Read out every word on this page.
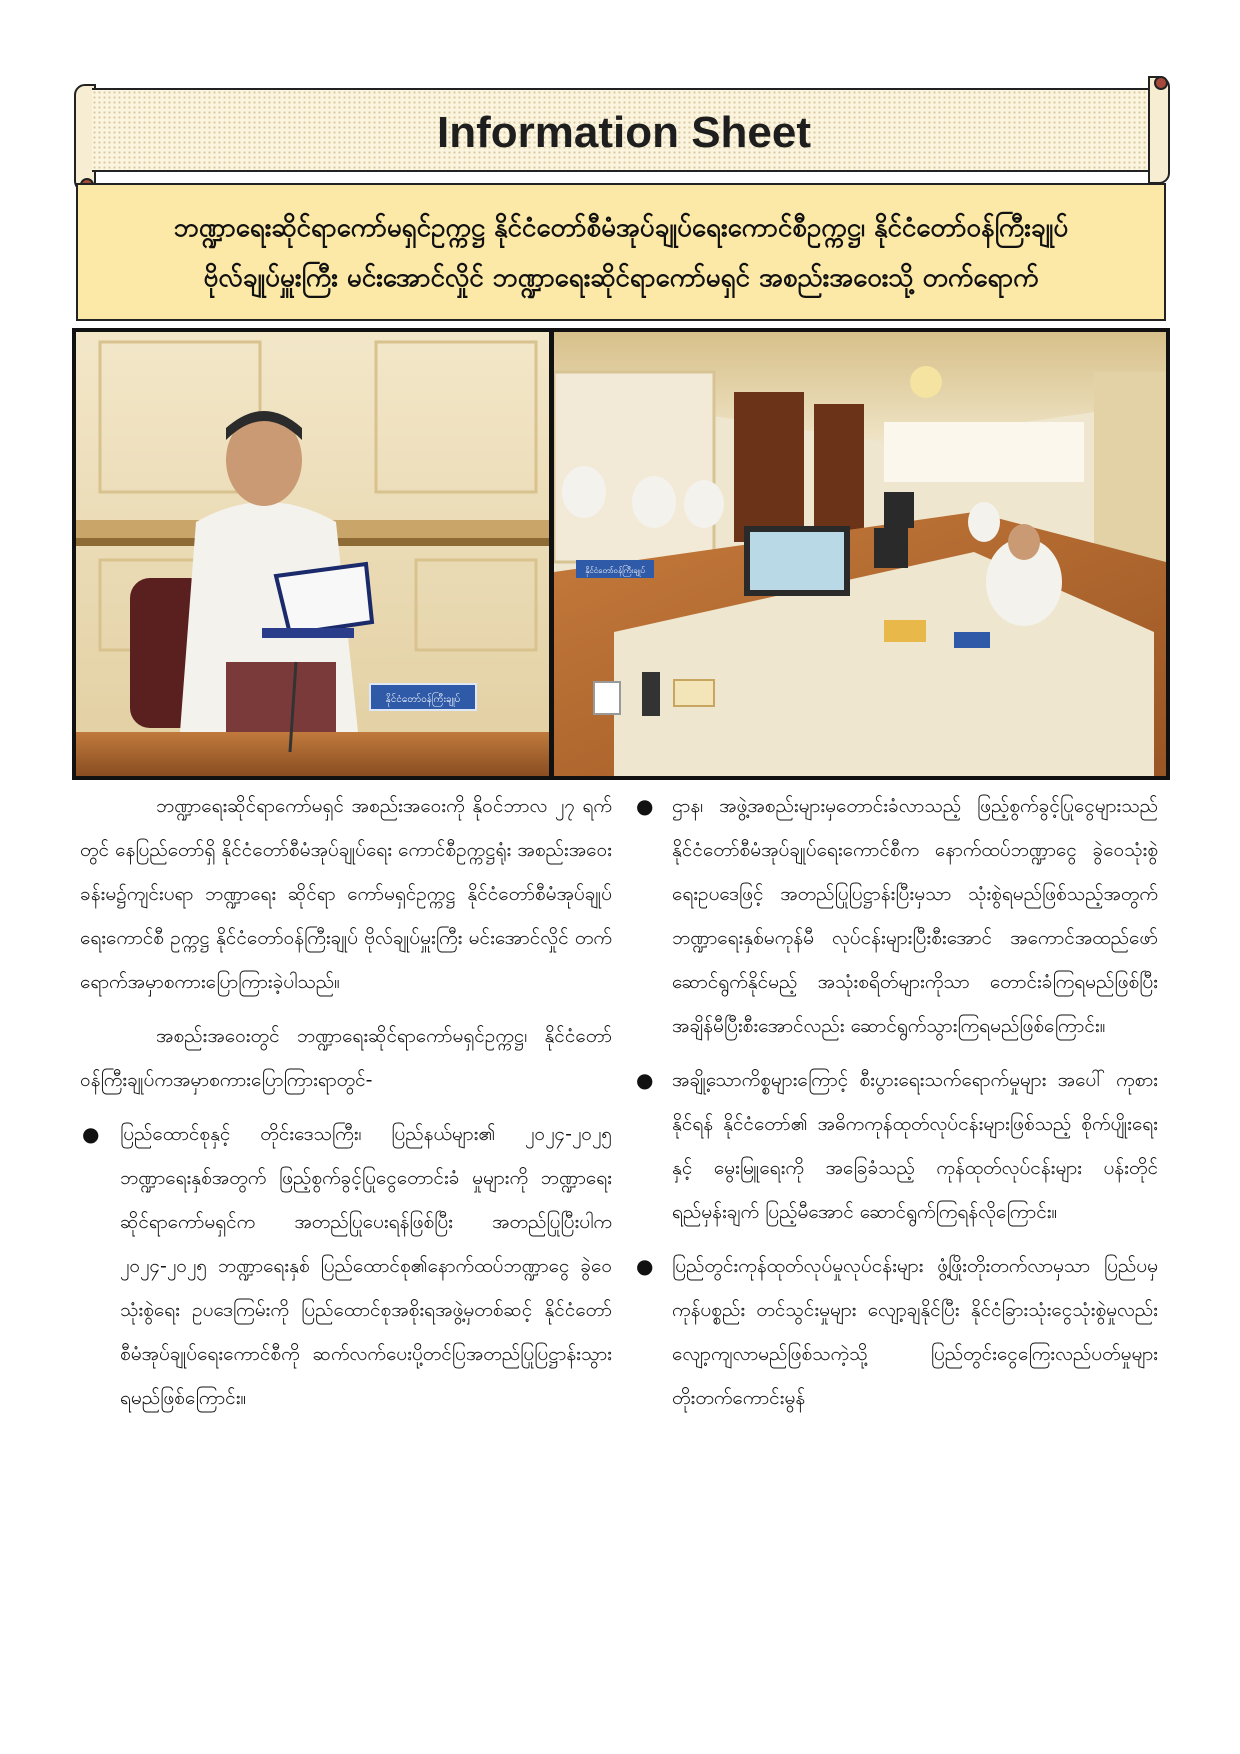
Information Sheet
ဘဏ္ဍာရေးဆိုင်ရာကော်မရှင်ဥက္ကဋ္ဌ နိုင်ငံတော်စီမံအုပ်ချုပ်ရေးကောင်စီဥက္ကဋ္ဌ၊ နိုင်ငံတော်ဝန်ကြီးချုပ်
ဗိုလ်ချုပ်မှူးကြီး မင်းအောင်လှိုင် ဘဏ္ဍာရေးဆိုင်ရာကော်မရှင် အစည်းအဝေးသို့ တက်ရောက်
နိုင်ငံတော်ဝန်ကြီးချုပ်
နိုင်ငံတော်ဝန်ကြီးချုပ်

ဘဏ္ဍာရေးဆိုင်ရာကော်မရှင် အစည်းအဝေးကို နိုဝင်ဘာလ ၂၇ ရက်တွင် နေပြည်တော်ရှိ နိုင်ငံတော်စီမံအုပ်ချုပ်ရေး ကောင်စီဥက္ကဋ္ဌရုံး အစည်းအဝေးခန်းမ၌ကျင်းပရာ ဘဏ္ဍာရေး ဆိုင်ရာ ကော်မရှင်ဥက္ကဋ္ဌ နိုင်ငံတော်စီမံအုပ်ချုပ်ရေးကောင်စီ ဥက္ကဋ္ဌ နိုင်ငံတော်ဝန်ကြီးချုပ် ဗိုလ်ချုပ်မှူးကြီး မင်းအောင်လှိုင် တက်ရောက်အမှာစကားပြောကြားခဲ့ပါသည်။

အစည်းအဝေးတွင် ဘဏ္ဍာရေးဆိုင်ရာကော်မရှင်ဥက္ကဋ္ဌ၊ နိုင်ငံတော်ဝန်ကြီးချုပ်ကအမှာစကားပြောကြားရာတွင်-

● ပြည်ထောင်စုနှင့် တိုင်းဒေသကြီး၊ ပြည်နယ်များ၏ ၂၀၂၄-၂၀၂၅ ဘဏ္ဍာရေးနှစ်အတွက် ဖြည့်စွက်ခွင့်ပြုငွေတောင်းခံ မှုများကို ဘဏ္ဍာရေးဆိုင်ရာကော်မရှင်က အတည်ပြုပေးရန်ဖြစ်ပြီး အတည်ပြုပြီးပါက ၂၀၂၄-၂၀၂၅ ဘဏ္ဍာရေးနှစ် ပြည်ထောင်စု၏နောက်ထပ်ဘဏ္ဍာငွေ ခွဲဝေသုံးစွဲရေး ဥပဒေကြမ်းကို ပြည်ထောင်စုအစိုးရအဖွဲ့မှတစ်ဆင့် နိုင်ငံတော်စီမံအုပ်ချုပ်ရေးကောင်စီကို ဆက်လက်ပေးပို့တင်ပြအတည်ပြုပြဋ္ဌာန်းသွားရမည်ဖြစ်ကြောင်း။
● ဌာန၊ အဖွဲ့အစည်းများမှတောင်းခံလာသည့် ဖြည့်စွက်ခွင့်ပြုငွေများသည် နိုင်ငံတော်စီမံအုပ်ချုပ်ရေးကောင်စီက နောက်ထပ်ဘဏ္ဍာငွေ ခွဲဝေသုံးစွဲရေးဥပဒေဖြင့် အတည်ပြုပြဋ္ဌာန်းပြီးမှသာ သုံးစွဲရမည်ဖြစ်သည့်အတွက် ဘဏ္ဍာရေးနှစ်မကုန်မီ လုပ်ငန်းများပြီးစီးအောင် အကောင်အထည်ဖော်ဆောင်ရွက်နိုင်မည့် အသုံးစရိတ်များကိုသာ တောင်းခံကြရမည်ဖြစ်ပြီး အချိန်မီပြီးစီးအောင်လည်း ဆောင်ရွက်သွားကြရမည်ဖြစ်ကြောင်း။
● အချို့သောကိစ္စများကြောင့် စီးပွားရေးသက်ရောက်မှုများ အပေါ် ကုစားနိုင်ရန် နိုင်ငံတော်၏ အဓိကကုန်ထုတ်လုပ်ငန်းများဖြစ်သည့် စိုက်ပျိုးရေးနှင့် မွေးမြူရေးကို အခြေခံသည့် ကုန်ထုတ်လုပ်ငန်းများ ပန်းတိုင်ရည်မှန်းချက် ပြည့်မီအောင် ဆောင်ရွက်ကြရန်လိုကြောင်း။
● ပြည်တွင်းကုန်ထုတ်လုပ်မှုလုပ်ငန်းများ ဖွံ့ဖြိုးတိုးတက်လာမှသာ ပြည်ပမှကုန်ပစ္စည်း တင်သွင်းမှုများ လျော့ချနိုင်ပြီး နိုင်ငံခြားသုံးငွေသုံးစွဲမှုလည်း လျော့ကျလာမည်ဖြစ်သကဲ့သို့ ပြည်တွင်းငွေကြေးလည်ပတ်မှုများ တိုးတက်ကောင်းမွန်
